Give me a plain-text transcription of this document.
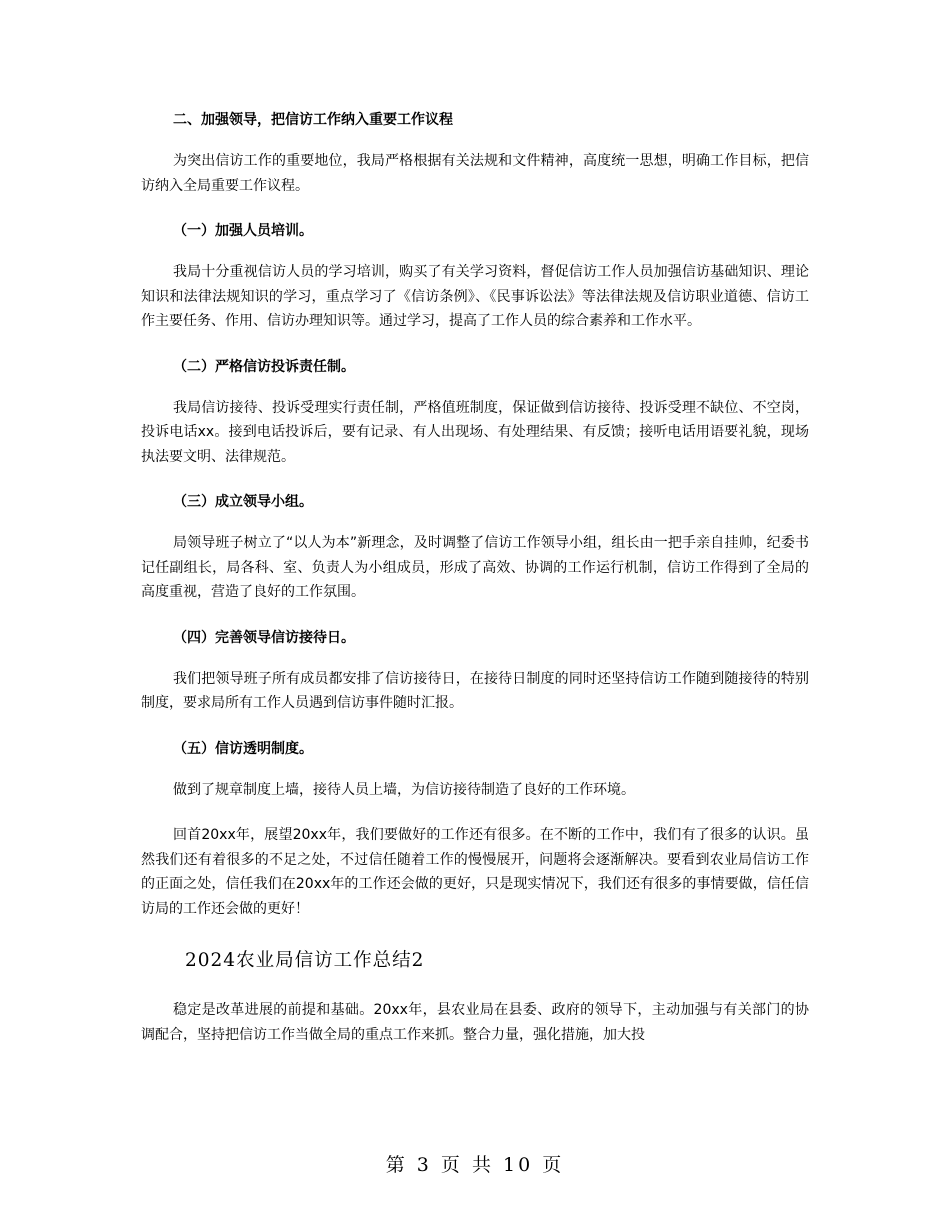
二、加强领导，把信访工作纳入重要工作议程

为突出信访工作的重要地位，我局严格根据有关法规和文件精神，高度统一思想，明确工作目标，把信访纳入全局重要工作议程。

（一）加强人员培训。

我局十分重视信访人员的学习培训，购买了有关学习资料，督促信访工作人员加强信访基础知识、理论知识和法律法规知识的学习，重点学习了《信访条例》、《民事诉讼法》等法律法规及信访职业道德、信访工作主要任务、作用、信访办理知识等。通过学习，提高了工作人员的综合素养和工作水平。

（二）严格信访投诉责任制。

我局信访接待、投诉受理实行责任制，严格值班制度，保证做到信访接待、投诉受理不缺位、不空岗，投诉电话xx。接到电话投诉后，要有记录、有人出现场、有处理结果、有反馈；接听电话用语要礼貌，现场执法要文明、法律规范。

（三）成立领导小组。

局领导班子树立了“以人为本”新理念，及时调整了信访工作领导小组，组长由一把手亲自挂帅，纪委书记任副组长，局各科、室、负责人为小组成员，形成了高效、协调的工作运行机制，信访工作得到了全局的高度重视，营造了良好的工作氛围。

（四）完善领导信访接待日。

我们把领导班子所有成员都安排了信访接待日，在接待日制度的同时还坚持信访工作随到随接待的特别制度，要求局所有工作人员遇到信访事件随时汇报。

（五）信访透明制度。

做到了规章制度上墙，接待人员上墙，为信访接待制造了良好的工作环境。

回首20xx年，展望20xx年，我们要做好的工作还有很多。在不断的工作中，我们有了很多的认识。虽然我们还有着很多的不足之处，不过信任随着工作的慢慢展开，问题将会逐渐解决。要看到农业局信访工作的正面之处，信任我们在20xx年的工作还会做的更好，只是现实情况下，我们还有很多的事情要做，信任信访局的工作还会做的更好！

2024农业局信访工作总结2

稳定是改革进展的前提和基础。20xx年，县农业局在县委、政府的领导下，主动加强与有关部门的协调配合，坚持把信访工作当做全局的重点工作来抓。整合力量，强化措施，加大投

第 3 页 共 10 页
